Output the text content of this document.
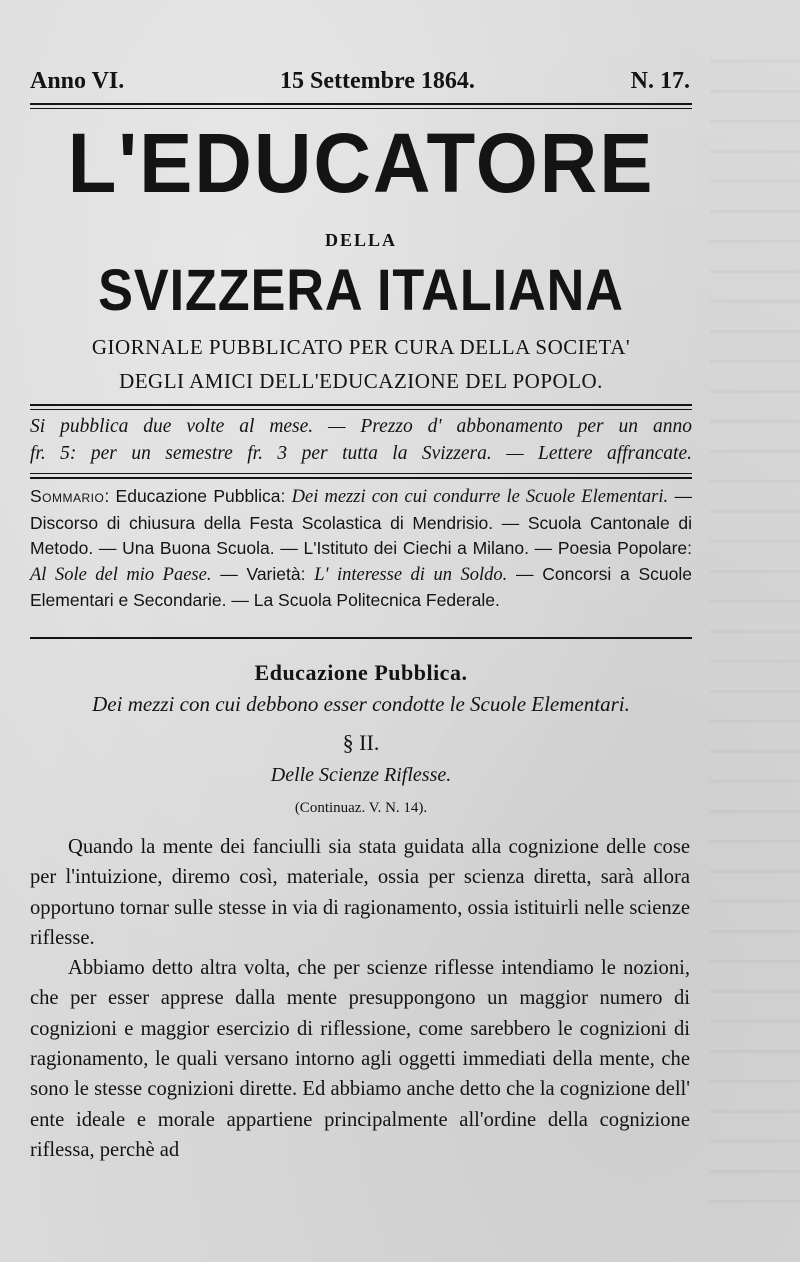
Anno VI.	15 Settembre 1864.	N. 17.
L'EDUCATORE
DELLA
SVIZZERA ITALIANA
GIORNALE PUBBLICATO PER CURA DELLA SOCIETA'
DEGLI AMICI DELL'EDUCAZIONE DEL POPOLO.
Si pubblica due volte al mese. — Prezzo d' abbonamento per un anno
fr. 5: per un semestre fr. 3 per tutta la Svizzera. — Lettere affrancate.
Sommario: Educazione Pubblica: Dei mezzi con cui condurre le Scuole Elementari. — Discorso di chiusura della Festa Scolastica di Mendrisio. — Scuola Cantonale di Metodo. — Una Buona Scuola. — L'Istituto dei Ciechi a Milano. — Poesia Popolare: Al Sole del mio Paese. — Varietà: L' interesse di un Soldo. — Concorsi a Scuole Elementari e Secondarie. — La Scuola Politecnica Federale.
Educazione Pubblica.
Dei mezzi con cui debbono esser condotte le Scuole Elementari.
§ II.
Delle Scienze Riflesse.
(Continuaz. V. N. 14).

Quando la mente dei fanciulli sia stata guidata alla cognizione delle cose per l'intuizione, diremo così, materiale, ossia per scienza diretta, sarà allora opportuno tornar sulle stesse in via di ragionamento, ossia istituirli nelle scienze riflesse.

Abbiamo detto altra volta, che per scienze riflesse intendiamo le nozioni, che per esser apprese dalla mente presuppongono un maggior numero di cognizioni e maggior esercizio di riflessione, come sarebbero le cognizioni di ragionamento, le quali versano intorno agli oggetti immediati della mente, che sono le stesse cognizioni dirette. Ed abbiamo anche detto che la cognizione dell' ente ideale e morale appartiene principalmente all'ordine della cognizione riflessa, perchè ad
